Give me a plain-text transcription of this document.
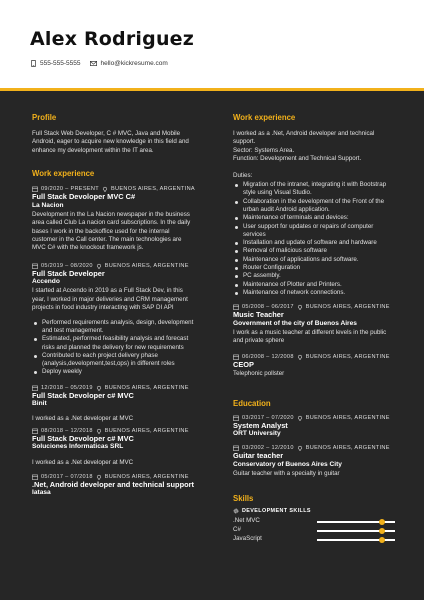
Alex Rodriguez
555-555-5555	hello@kickresume.com
Profile
Full Stack Web Developer, C # MVC, Java and Mobile Android, eager to acquire new knowledge in this field and enhance my development within the IT area.
Work experience
09/2020 – PRESENT BUENOS AIRES, ARGENTINA
Full Stack Devoloper MVC C#
La Nacion
Development in the La Nacion newspaper in the business area called Club La nacion card subscriptions. In the daily bases I work in the backoffice used for the internal customer in the Call center. The main technologies are MVC C# with the knockout framework js.
05/2019 – 08/2020 BUENOS AIRES, ARGENTINE
Full Stack Developer
Accendo
I started at Accendo in 2019 as a Full Stack Dev, in this year, I worked in major deliveries and CRM management projects in food industry interacting with SAP DI API
Performed requirements analysis, design, development and test management.
Estimated, performed feasibility analysis and forecast risks and planned the delivery for new requirements
Contributed to each project delivery phase (analysis,development,test,ops) in different roles
Deploy weekly
12/2018 – 05/2019 BUENOS AIRES, ARGENTINE
Full Stack Devoloper c# MVC
Binit
I worked as a .Net developer at MVC
08/2018 – 12/2018 BUENOS AIRES, ARGENTINE
Full Stack Devoloper c# MVC
Soluciones Informaticas SRL
I worked as a .Net developer at MVC
05/2017 – 07/2018 BUENOS AIRES, ARGENTINE
.Net, Android developer and technical support
Iatasa
Work experience
I worked as a .Net, Android developer and technical support.
Sector: Systems Area.
Function: Development and Technical Support.
Duties:
Migration of the intranet, integrating it with Bootstrap style using Visual Studio.
Collaboration in the development of the Front of the urban audit Android application.
Maintenance of terminals and devices:
User support for updates or repairs of computer services
Installation and update of software and hardware
Removal of malicious software
Maintenance of applications and software.
Router Configuration
PC assembly.
Maintenance of Plotter and Printers.
Maintenance of network connections.
05/2008 – 06/2017 BUENOS AIRES, ARGENTINE
Music Teacher
Government of the city of Buenos Aires
I work as a music teacher at different levels in the public and private sphere
06/2008 – 12/2008 BUENOS AIRES, ARGENTINE
CEOP
Telephonic pollster
Education
03/2017 – 07/2020 BUENOS AIRES, ARGENTINE
System Analyst
ORT University
03/2002 – 12/2010 BUENOS AIRES, ARGENTINE
Guitar teacher
Conservatory of Buenos Aires City
Guitar teacher with a specialty in guitar
Skills
DEVELOPMENT SKILLS
.Net MVC
C#
JavaScript
